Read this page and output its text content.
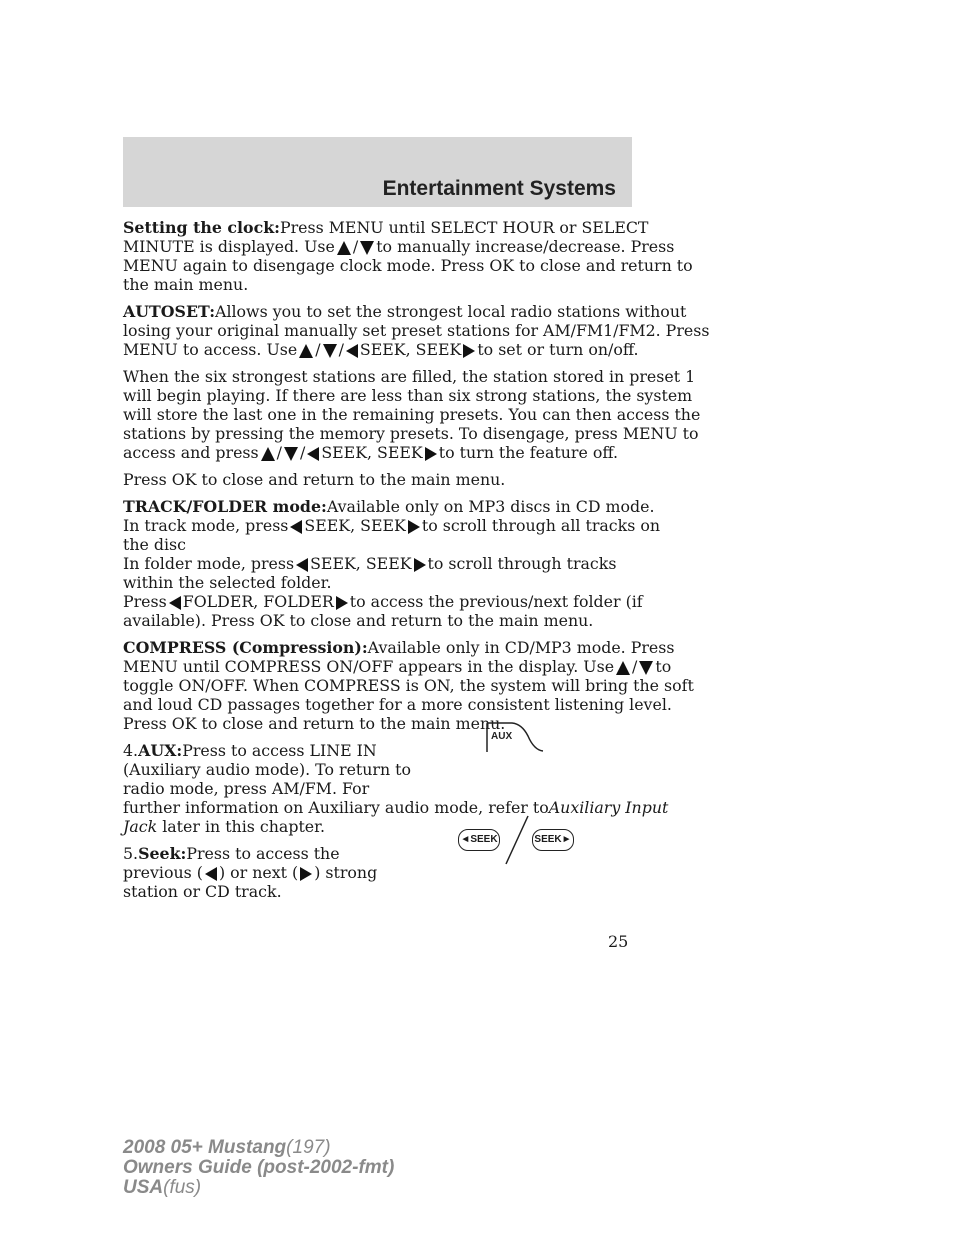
Entertainment Systems
Setting the clock:Press MENU until SELECT HOUR or SELECT
MINUTE is displayed. Use / to manually increase/decrease. Press
MENU again to disengage clock mode. Press OK to close and return to
the main menu.
AUTOSET:Allows you to set the strongest local radio stations without
losing your original manually set preset stations for AM/FM1/FM2. Press
MENU to access. Use / / SEEK, SEEK to set or turn on/off.
When the six strongest stations are filled, the station stored in preset 1
will begin playing. If there are less than six strong stations, the system
will store the last one in the remaining presets. You can then access the
stations by pressing the memory presets. To disengage, press MENU to
access and press / / SEEK, SEEK to turn the feature off.
Press OK to close and return to the main menu.
TRACK/FOLDER mode:Available only on MP3 discs in CD mode.
In track mode, press SEEK, SEEK to scroll through all tracks on
the disc
In folder mode, press SEEK, SEEK to scroll through tracks
within the selected folder.
Press FOLDER, FOLDER to access the previous/next folder (if
available). Press OK to close and return to the main menu.
COMPRESS (Compression):Available only in CD/MP3 mode. Press
MENU until COMPRESS ON/OFF appears in the display. Use / to
toggle ON/OFF. When COMPRESS is ON, the system will bring the soft
and loud CD passages together for a more consistent listening level.
Press OK to close and return to the main menu.
4.AUX:Press to access LINE IN
(Auxiliary audio mode). To return to
radio mode, press AM/FM. For
further information on Auxiliary audio mode, refer toAuxiliary Input
Jack later in this chapter.
5.Seek:Press to access the
previous ( ) or next ( ) strong
station or CD track.
AUX
◄SEEK	SEEK►
25
2008 05+ Mustang(197)
Owners Guide (post-2002-fmt)
USA(fus)
